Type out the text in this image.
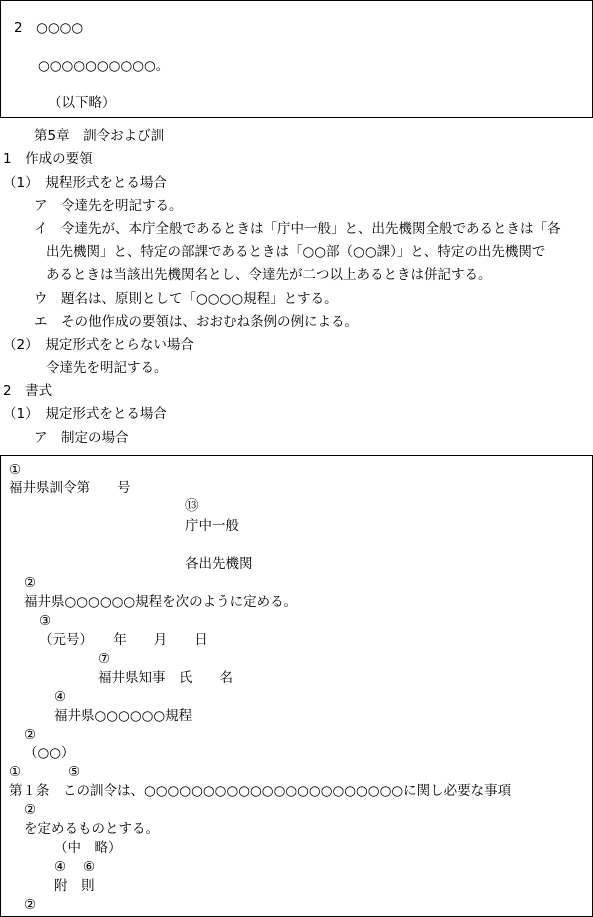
2　○○○○
○○○○○○○○○○。
（以下略）
第5章　訓令および訓
1　作成の要領
（1）　規程形式をとる場合
ア　令達先を明記する。
イ　令達先が、本庁全般であるときは「庁中一般」と、出先機関全般であるときは「各
出先機関」と、特定の部課であるときは「○○部（○○課）」と、特定の出先機関で
あるときは当該出先機関名とし、令達先が二つ以上あるときは併記する。
ウ　題名は、原則として「○○○○規程」とする。
エ　その他作成の要領は、おおむね条例の例による。
（2）　規定形式をとらない場合
令達先を明記する。
2　書式
（1）　規定形式をとる場合
ア　制定の場合
①
福井県訓令第　　号
⑬
庁中一般
各出先機関
②
福井県○○○○○○規程を次のように定める。
③
（元号）　　年　　月　　日
⑦
福井県知事　氏　　名
④
福井県○○○○○○規程
②
（○○）
①	⑤
第１条　この訓令は、○○○○○○○○○○○○○○○○○○○○○○に関し必要な事項
②
を定めるものとする。
（中　略）
④ ⑥
附　則
②
